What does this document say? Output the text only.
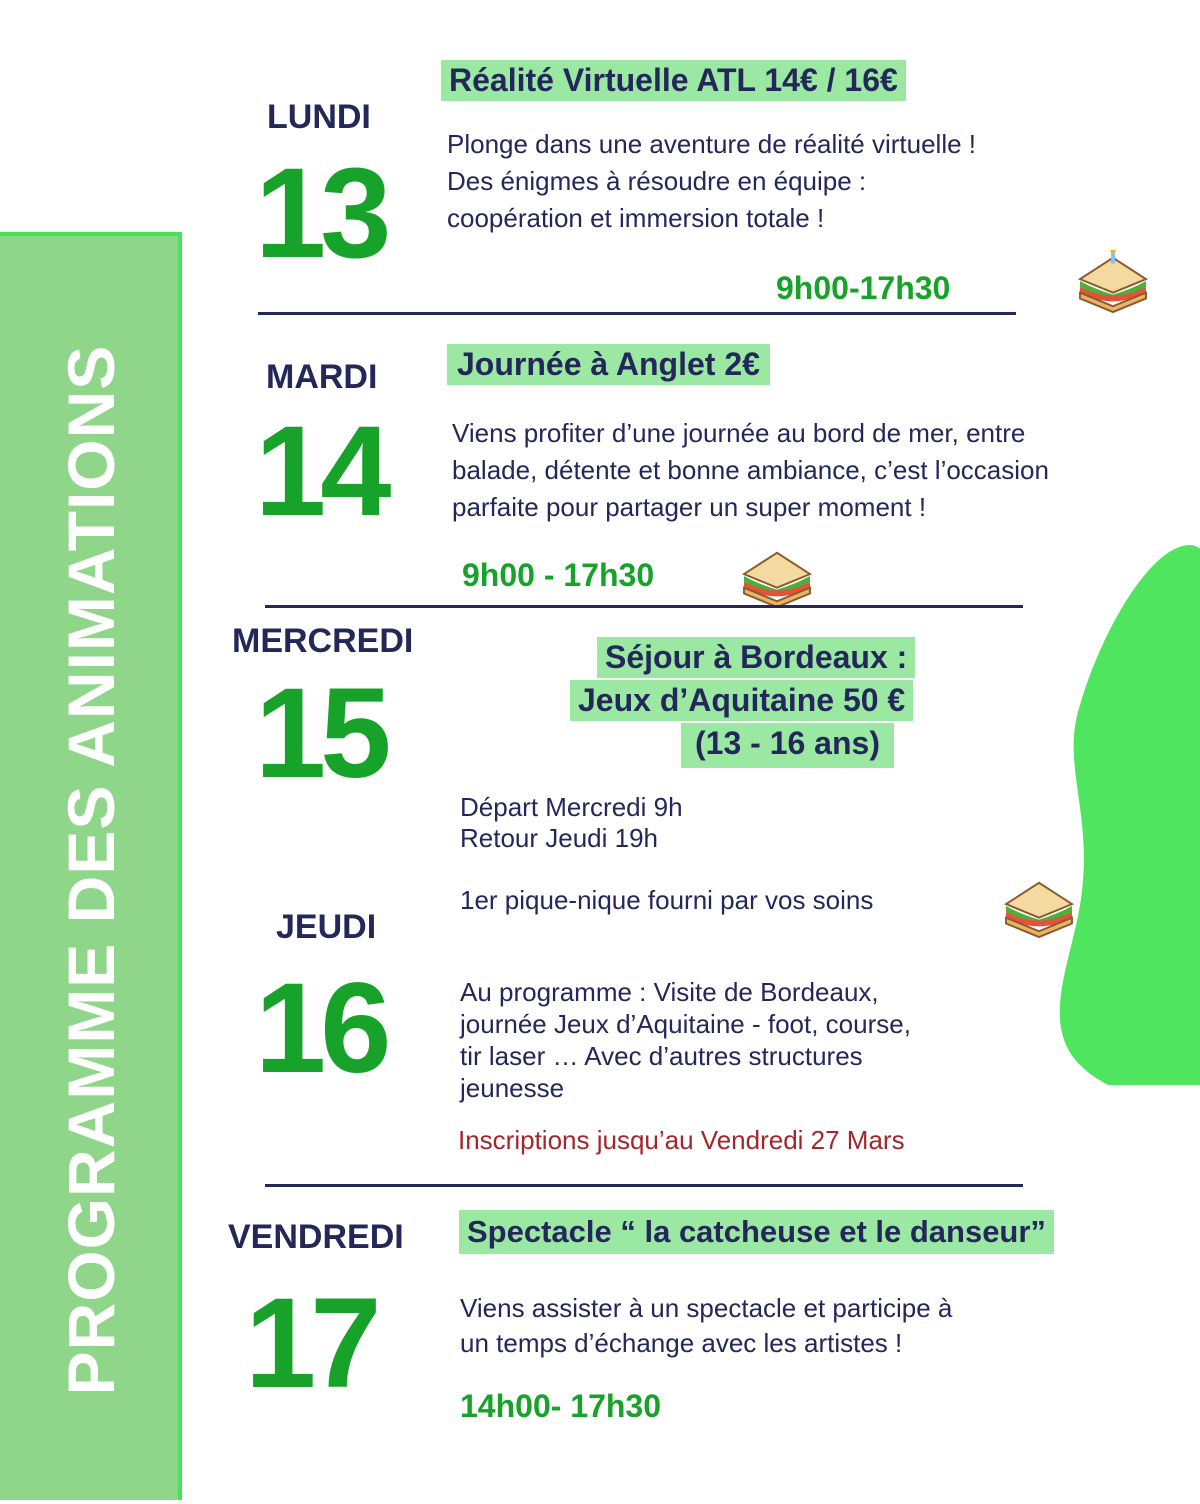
PROGRAMME DES ANIMATIONS
LUNDI
13
Réalité Virtuelle ATL 14€ / 16€
Plonge dans une aventure de réalité virtuelle !
Des énigmes à résoudre en équipe :
coopération et immersion totale !
9h00-17h30
MARDI
14
Journée à Anglet 2€
Viens profiter d’une journée au bord de mer, entre
balade, détente et bonne ambiance, c’est l’occasion
parfaite pour partager un super moment !
9h00 - 17h30
MERCREDI
15
Séjour à Bordeaux :
Jeux d’Aquitaine 50 €
(13 - 16 ans)
Départ Mercredi 9h
Retour Jeudi 19h
1er pique-nique fourni par vos soins
JEUDI
16	Au programme : Visite de Bordeaux,
journée Jeux d’Aquitaine - foot, course,
tir laser … Avec d’autres structures
jeunesse
Inscriptions jusqu’au Vendredi 27 Mars
VENDREDI
17
Spectacle “ la catcheuse et le danseur”
Viens assister à un spectacle et participe à
un temps d’échange avec les artistes !
14h00- 17h30
